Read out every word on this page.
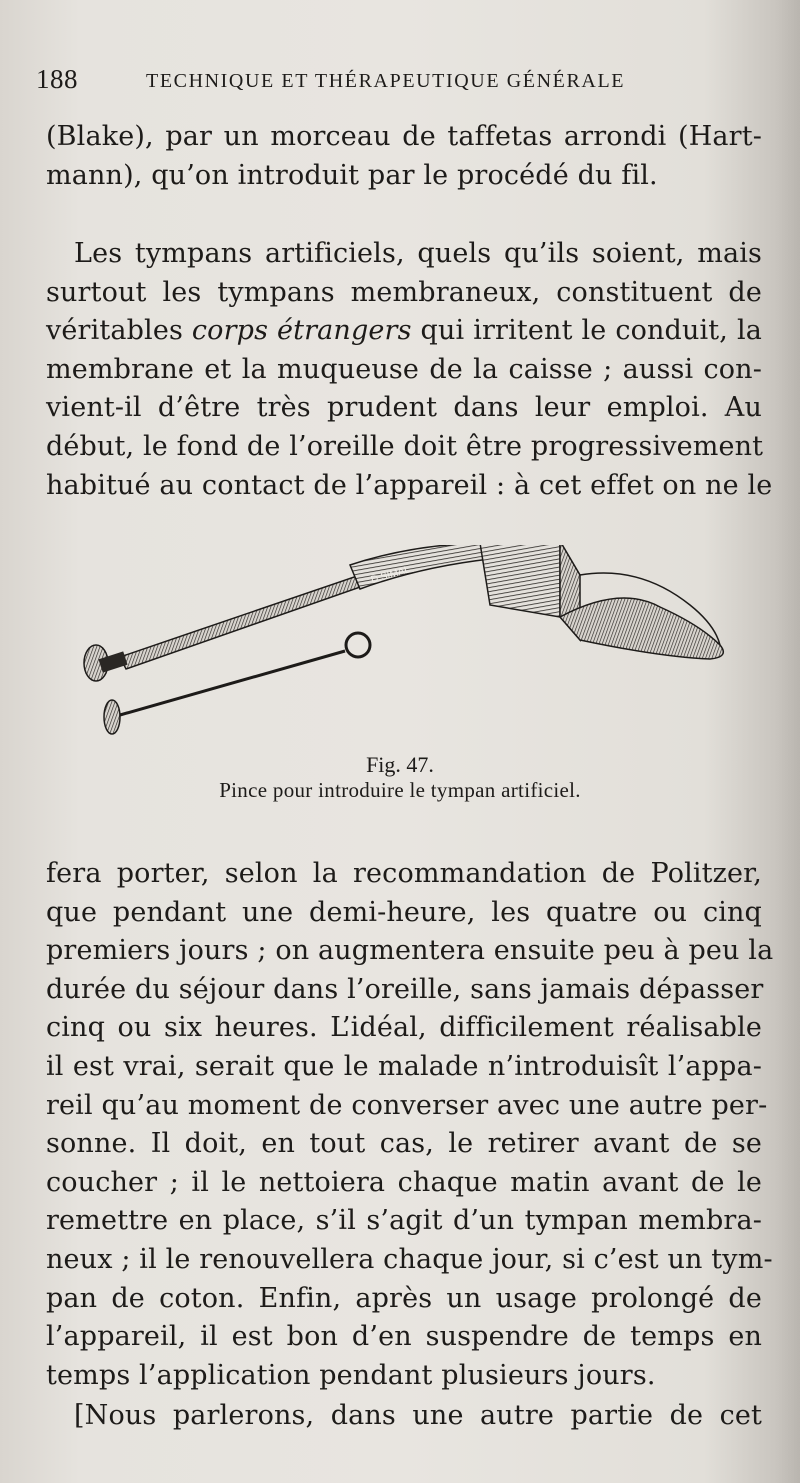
188	TECHNIQUE ET THÉRAPEUTIQUE GÉNÉRALE
(Blake), par un morceau de taffetas arrondi (Hart-
mann), qu’on introduit par le procédé du fil.
Les tympans artificiels, quels qu’ils soient, mais
surtout les tympans membraneux, constituent de
véritables corps étrangers qui irritent le conduit, la
membrane et la muqueuse de la caisse ; aussi con-
vient-il d’être très prudent dans leur emploi. Au
début, le fond de l’oreille doit être progressivement
habitué au contact de l’appareil : à cet effet on ne le
D.SIMAL
Fig. 47.
Pince pour introduire le tympan artificiel.
fera porter, selon la recommandation de Politzer,
que pendant une demi-heure, les quatre ou cinq
premiers jours ; on augmentera ensuite peu à peu la
durée du séjour dans l’oreille, sans jamais dépasser
cinq ou six heures. L’idéal, difficilement réalisable
il est vrai, serait que le malade n’introduisît l’appa-
reil qu’au moment de converser avec une autre per-
sonne. Il doit, en tout cas, le retirer avant de se
coucher ; il le nettoiera chaque matin avant de le
remettre en place, s’il s’agit d’un tympan membra-
neux ; il le renouvellera chaque jour, si c’est un tym-
pan de coton. Enfin, après un usage prolongé de
l’appareil, il est bon d’en suspendre de temps en
temps l’application pendant plusieurs jours.
[Nous parlerons, dans une autre partie de cet
